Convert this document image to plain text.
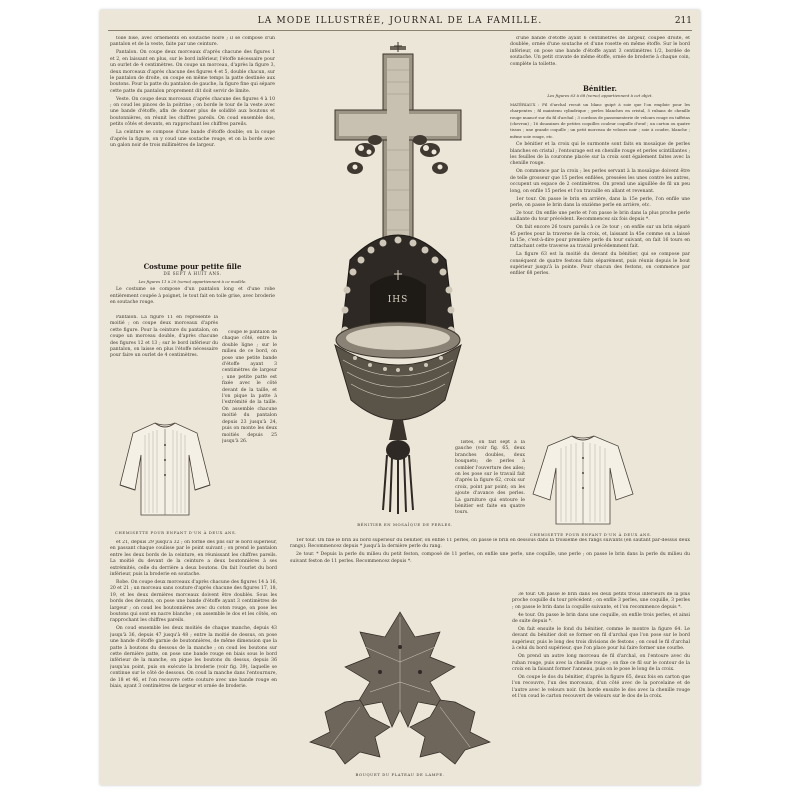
LA MODE ILLUSTRÉE, JOURNAL DE LA FAMILLE.	211

toile bise, avec ornements en soutache noire ; il se compose d'un pantalon et de la veste, faite par une ceinture.

Pantalon. On coupe deux morceaux d'après chacune des figures 1 et 2, en laissant en plus, sur le bord inférieur, l'étoffe nécessaire pour un ourlet de 4 centimètres. On coupe un morceau, d'après la figure 3, deux morceaux d'après chacune des figures 4 et 5, double chacun, sur le pantalon de droite, on coupe en même temps la patte destinée aux boutons. Pour la patte du pantalon de gauche, la figure fine qui sépare cette patte du pantalon proprement dit doit servir de limite.

Veste. On coupe deux morceaux d'après chacune des figures 4 à 10 ; on coud les pinces de la poitrine ; on borde le tour de la veste avec une bande d'étoffe, afin de donner plus de solidité aux boutons et boutonnières, on réunit les chiffres pareils. On coud ensemble dos, petits côtés et devants, en rapprochant les chiffres pareils.

La ceinture se compose d'une bande d'étoffe double; on la coupe d'après la figure, on y coud une soutache rouge, et on la borde avec un galon noir de trois millimètres de largeur.

Costume pour petite fille

DE SEPT À HUIT ANS.

Les figures 11 à 20 (verso) appartiennent à ce modèle.

Le costume se compose d'un pantalon long et d'une robe entièrement coupée à poignet, le tout fait en toile grise, avec broderie en soutache rouge.

Pantalon. La figure 11 en représente la moitié ; on coupe deux morceaux d'après cette figure. Pour la ceinture du pantalon, on coupe un morceau double, d'après chacune des figures 12 et 13 ; sur le bord inférieur du pantalon, on laisse en plus l'étoffe nécessaire pour faire un ourlet de 4 centimètres.

coupe le pantalon de chaque côté, entre la double ligne ; sur le milieu de ce bord, on pose une petite bande d'étoffe ayant 3 centimètres de largeur ; une petite patte est fixée avec le côté devant de la taille, et l'on pique la patte à l'extrémité de la taille. On assemble chacune moitié du pantalon depuis 23 jusqu'à 24, puis on monte les deux moitiés depuis 25 jusqu'à 26.

CHEMISETTE POUR ENFANT D'UN À DEUX ANS.

et 21, depuis 29 jusqu'à 32 ; on forme des plis sur le bord supérieur, en passant chaque coulisse par le point suivant ; on prend le pantalon entre les deux bords de la ceinture, en réunissant les chiffres pareils. La moitié du devant de la ceinture a deux boutonnières à ses extrémités, celle du derrière a deux boutons. On fait l'ourlet du bord inférieur, puis la broderie en soutache.

Robe. On coupe deux morceaux d'après chacune des figures 14 à 16, 20 et 21 ; un morceau sans couture d'après chacune des figures 17, 18, 19, et les deux dernières morceaux doivent être doublés. Sous les bords des devants, on pose une bande d'étoffe ayant 3 centimètres de largeur ; on coud les boutonnières avec du coton rouge, on pose les boutons qui sont en nacre blanche ; on assemble le dos et les côtés, en rapprochant les chiffres pareils.

On coud ensemble les deux moitiés de chaque manche, depuis 43 jusqu'à 36, depuis 47 jusqu'à 48 ; entre la moitié de dessus, on pose une bande d'étoffe garnie de boutonnières, de même dimension que la patte à boutons du dessous de la manche ; on coud les boutons sur cette dernière patte, on pose une bande rouge en biais sous le bord inférieur de la manche, on pique les boutons du dessus, depuis 36 jusqu'au point, puis on exécute la broderie (voir fig. 39), laquelle se continue sur le côté de dessous. On coud la manche dans l'entournure, de 18 et 46, et l'on recouvre cette couture avec une bande rouge en biais, ayant 3 centimètres de largeur et ornée de broderie.

IHS
BÉNITIER EN MOSAÏQUE DE PERLES.

listes, on fait sept à la gauche (voir fig. 65, deux branches doubles, deux bouquets; de perles à combler l'ouverture des ailes; on les pose sur le travail fait d'après la figure 62, croix sur croix, point par point; on les ajoute d'avance des perles. La garniture qui entoure le bénitier est faite en quatre tours.

d'une bande d'étoffe ayant 6 centimètres de largeur, coupée droite, et doublée, ornée d'une soutache et d'une rosette en même étoffe. Sur le bord inférieur, on pose une bande d'étoffe ayant 3 centimètres 1/2, bordée de soutache. Un petit cravate de même étoffe, ornée de broderie à chaque coin, complète la toilette.

Bénitier.

Les figures 63 à 68 (verso) appartiennent à cet objet.

MATÉRIAUX : Fil d'archal recuit un blanc guipé à soie que l'on emploie pour les charpentes ; fil maintenu cylindrique ; perles blanches en cristal, 5 rubans de chenille rouge nuancé sur du fil d'archal ; 3 cordons de passementerie de velours rouge en taffetas (chevron) ; 16 douzaines de petites coquilles couleur coquille d'œuf ; un carton ou quatre tissus ; une grande coquille ; un petit morceau de velours noir ; soie à coudre, blanche ; même soie rouge, etc.

Ce bénitier et la croix qui le surmonte sont faits en mosaïque de perles blanches en cristal ; l'entourage est en chenille rouge et perles scintillantes ; les feuilles de la couronne placée sur la croix sont également faites avec la chenille rouge.

On commence par la croix ; les perles servant à la mosaïque doivent être de telle grosseur que 15 perles enfilées, pressées les unes contre les autres, occupent un espace de 2 centimètres. On prend une aiguillée de fil un peu long, on enfile 15 perles et l'on travaille en allant et revenant.

1er tour. On passe le brin en arrière, dans la 15e perle, l'on enfile une perle, on passe le brin dans la onzième perle en arrière, etc.

2e tour. On enfile une perle et l'on passe le brin dans la plus proche perle saillante du tour précédent. Recommencez six fois depuis *.

On fait encore 26 tours pareils à ce 2e tour ; on enfile sur un brin séparé 45 perles pour la traverse de la croix, et, laissant la 45e comme on a laissé la 15e, c'est-à-dire pour première perle du tour suivant, on fait 16 tours en rattachant cette traverse au travail précédemment fait.

La figure 63 est la moitié du devant du bénitier, qui se compose par conséquent de quatre festons faits séparément, puis réunis depuis le bout supérieur jusqu'à la pointe. Pour chacun des festons, on commence par enfiler 68 perles.

CHEMISETTE POUR ENFANT D'UN À DEUX ANS.

1er tour. On fixe le brin au bord supérieur du bénitier, on enfile 11 perles, on passe le brin en dessous dans la troisième des rangs suivants (en sautant par-dessus deux rangs). Recommencez depuis * jusqu'à la dernière perle du rang.

2e tour. * Depuis la perle du milieu du petit feston, composé de 11 perles, on enfile une perle, une coquille, une perle ; on passe le brin dans la perle du milieu du suivant feston de 11 perles. Recommencez depuis *.

BOUQUET DU PLATEAU DE LAMPE.

3e tour. On passe le brin dans les deux petits trous inférieurs de la plus proche coquille du tour précédent ; on enfile 3 perles, une coquille, 3 perles ; on passe le brin dans la coquille suivante, et l'on recommence depuis *.

4e tour. On passe le brin dans une coquille, on enfile trois perles, et ainsi de suite depuis *.

On fait ensuite le fond du bénitier, comme le montre la figure 64. Le devant du bénitier doit se former en fil d'archal que l'on pose sur le bord supérieur, puis le long des trois divisions de festons ; on coud le fil d'archal à celui du bord supérieur, que l'on place pour lui faire former une courbe.

On prend un autre long morceau de fil d'archal, on l'entoure avec du ruban rouge, puis avec la chenille rouge ; on fixe ce fil sur le contour de la croix en la faisant former l'anneau, puis on le pose le long de la croix.

On coupe le dos du bénitier, d'après la figure 65, deux fois en carton que l'on recouvre, l'un des morceaux, d'un côté avec de la porcelaine et de l'autre avec le velours noir. On borde ensuite le dos avec la chenille rouge et l'on coud le carton recouvert de velours sur le dos de la croix.
